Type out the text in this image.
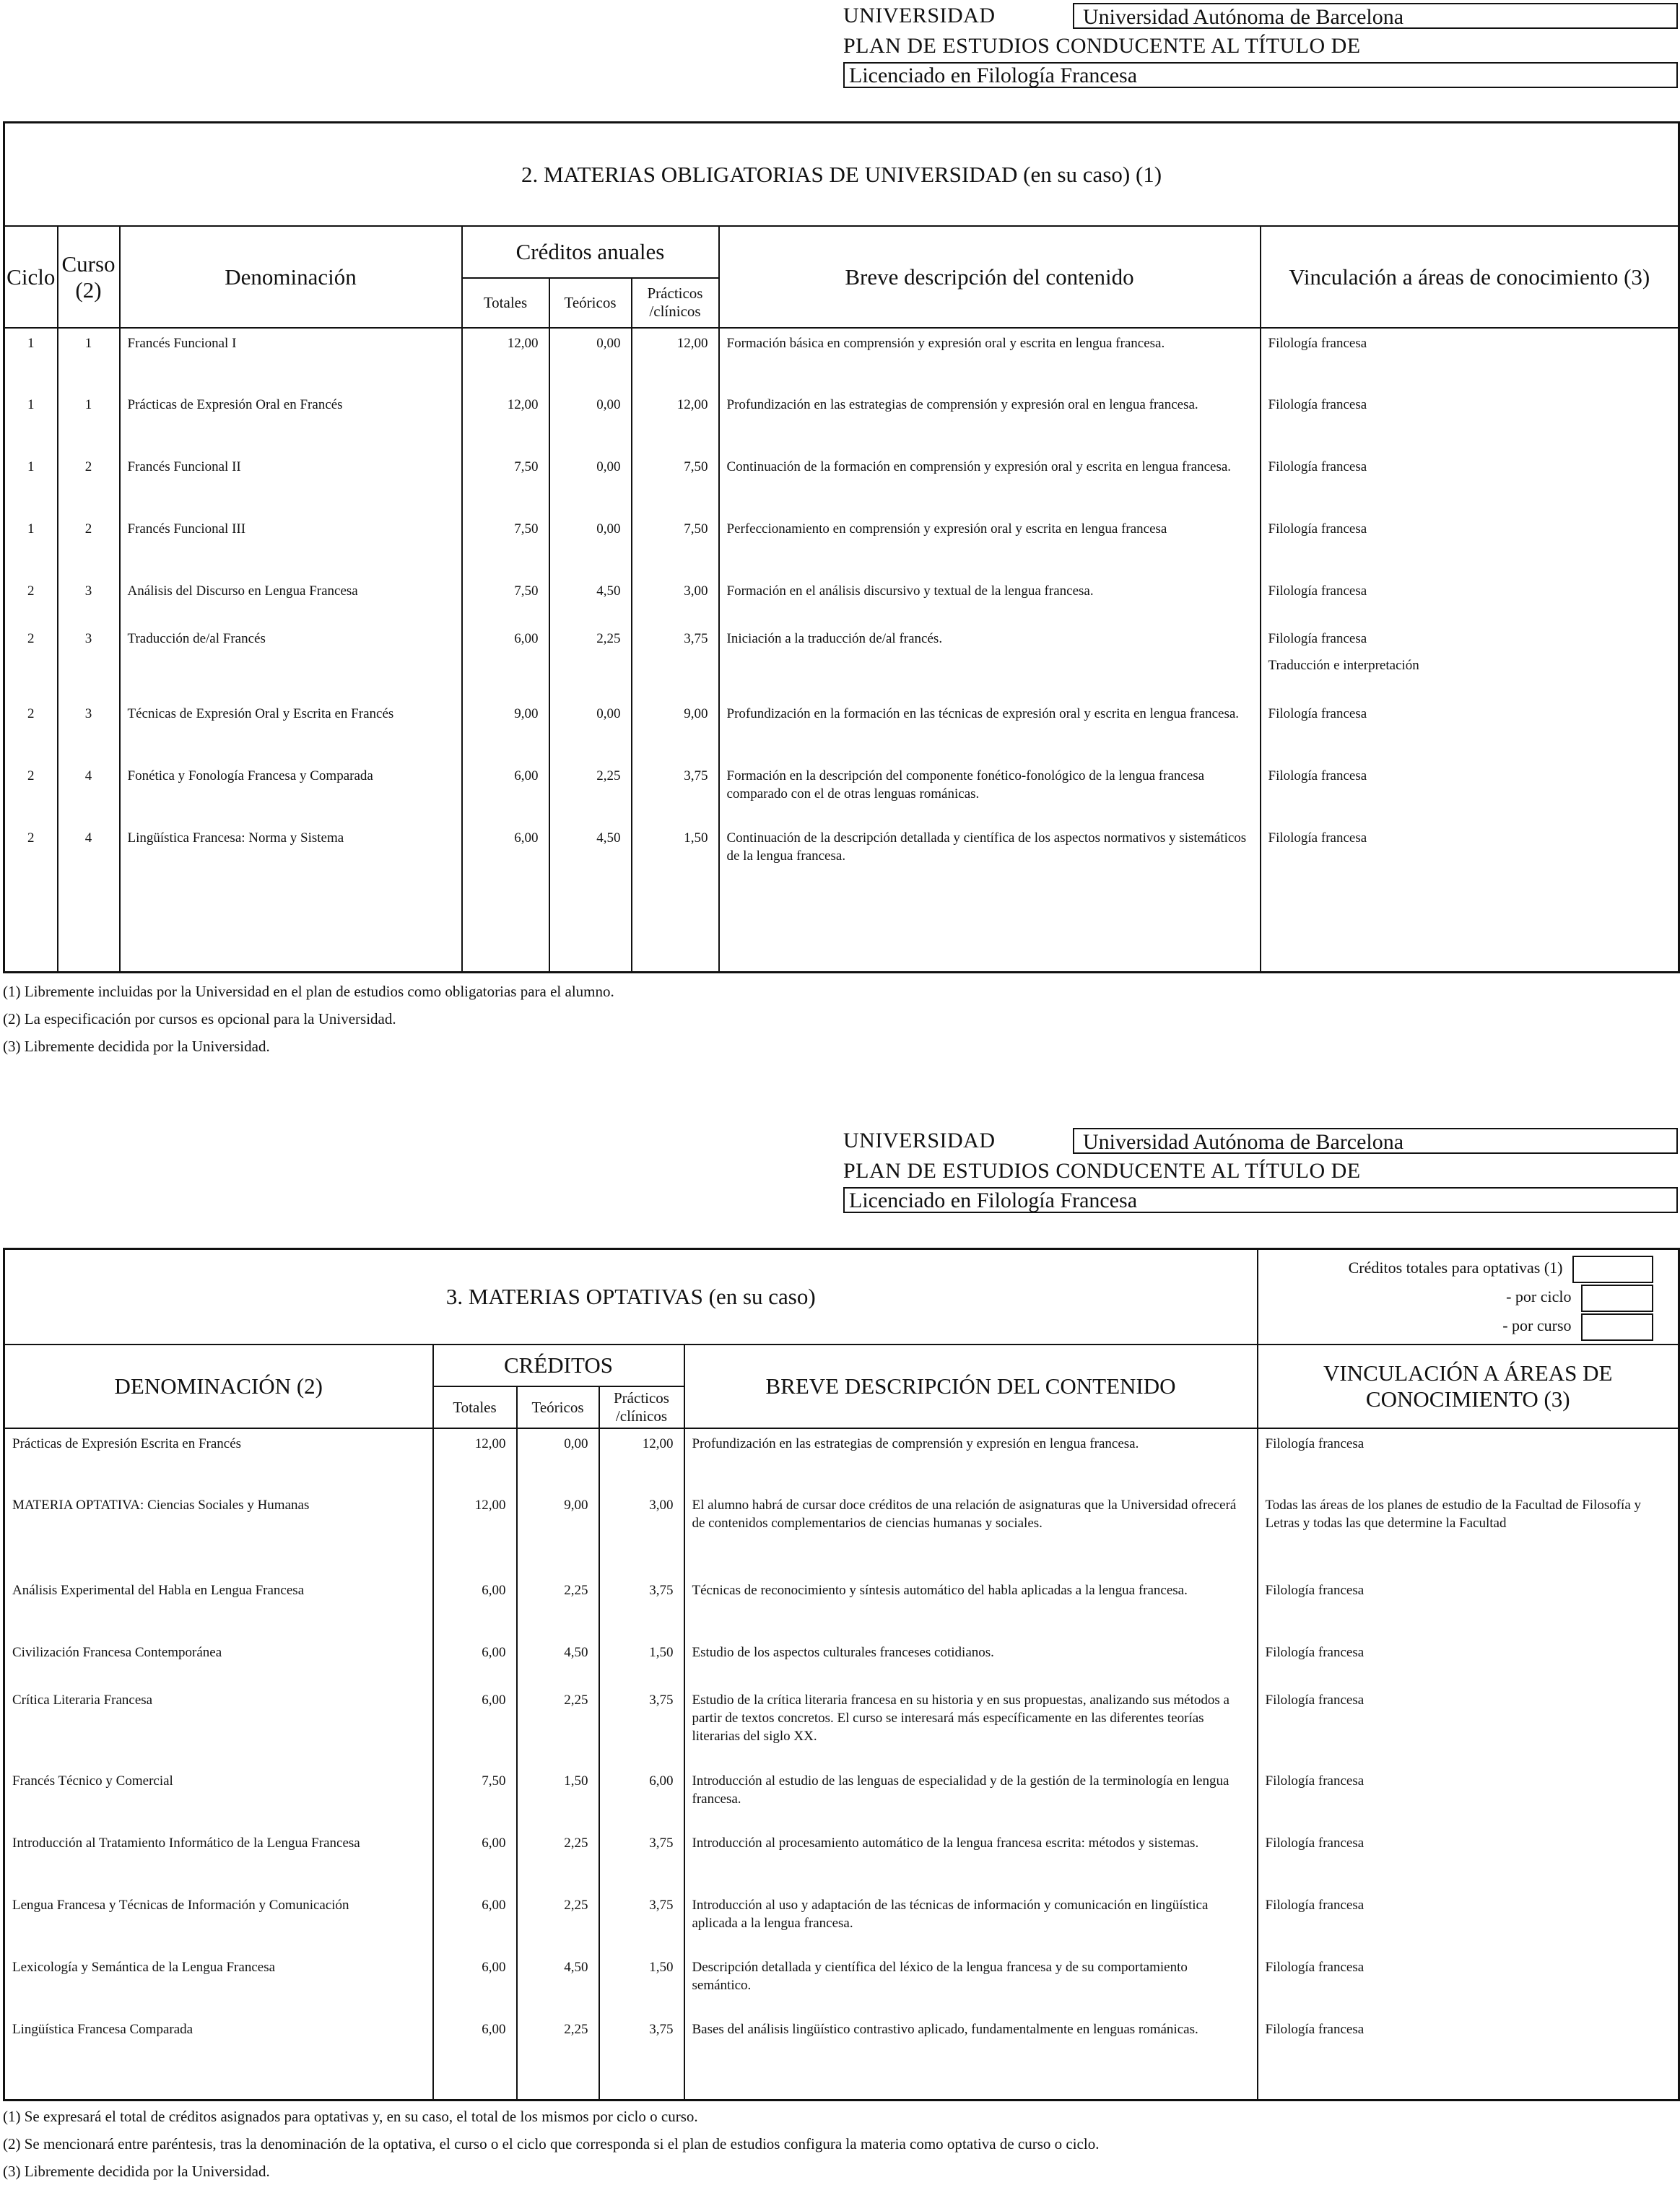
UNIVERSIDAD	Universidad Autónoma de Barcelona
PLAN DE ESTUDIOS CONDUCENTE AL TÍTULO DE
Licenciado en Filología Francesa
2. MATERIAS OBLIGATORIAS DE UNIVERSIDAD (en su caso) (1)							
Ciclo	Curso
(2)	Denominación	Créditos anuales			Breve descripción del contenido	Vinculación a áreas de conocimiento (3)
			Totales	Teóricos	Prácticos
/clínicos		

1	1	Francés Funcional I	12,00	0,00	12,00	Formación básica en comprensión y expresión oral y escrita en lengua francesa.	Filología francesa

1	1	Prácticas de Expresión Oral en Francés	12,00	0,00	12,00	Profundización en las estrategias de comprensión y expresión oral en lengua francesa.	Filología francesa

1	2	Francés Funcional II	7,50	0,00	7,50	Continuación de la formación en comprensión y expresión oral y escrita en lengua francesa.	Filología francesa

1	2	Francés Funcional III	7,50	0,00	7,50	Perfeccionamiento en comprensión y expresión oral y escrita en lengua francesa	Filología francesa

2	3	Análisis del Discurso en Lengua Francesa	7,50	4,50	3,00	Formación en el análisis discursivo y textual de la lengua francesa.	Filología francesa

2	3	Traducción de/al Francés	6,00	2,25	3,75	Iniciación a la traducción de/al francés.	Filología francesa
Traducción e interpretación

2	3	Técnicas de Expresión Oral y Escrita en Francés	9,00	0,00	9,00	Profundización en la formación en las técnicas de expresión oral y escrita en lengua francesa.	Filología francesa

2	4	Fonética y Fonología Francesa y Comparada	6,00	2,25	3,75	Formación en la descripción del componente fonético-fonológico de la lengua francesa comparado con el de otras lenguas románicas.	Filología francesa

2	4	Lingüística Francesa: Norma y Sistema	6,00	4,50	1,50	Continuación de la descripción detallada y científica de los aspectos normativos y sistemáticos de la lengua francesa.	Filología francesa

(1) Libremente incluidas por la Universidad en el plan de estudios como obligatorias para el alumno.
(2) La especificación por cursos es opcional para la Universidad.
(3) Libremente decidida por la Universidad.
UNIVERSIDAD	Universidad Autónoma de Barcelona
PLAN DE ESTUDIOS CONDUCENTE AL TÍTULO DE
Licenciado en Filología Francesa
3. MATERIAS OPTATIVAS (en su caso)					Créditos totales para optativas (1)
- por ciclo
- por curso

DENOMINACIÓN (2)	CRÉDITOS			BREVE DESCRIPCIÓN DEL CONTENIDO	VINCULACIÓN A ÁREAS DE
CONOCIMIENTO (3)

	Totales	Teóricos	Prácticos
/clínicos		

Prácticas de Expresión Escrita en Francés	12,00	0,00	12,00	Profundización en las estrategias de comprensión y expresión en lengua francesa.	Filología francesa
MATERIA OPTATIVA: Ciencias Sociales y Humanas	12,00	9,00	3,00	El alumno habrá de cursar doce créditos de una relación de asignaturas que la Universidad ofrecerá de contenidos complementarios de ciencias humanas y sociales.	Todas las áreas de los planes de estudio de la Facultad de Filosofía y Letras y todas las que determine la Facultad
Análisis Experimental del Habla en Lengua Francesa	6,00	2,25	3,75	Técnicas de reconocimiento y síntesis automático del habla aplicadas a la lengua francesa.	Filología francesa
Civilización Francesa Contemporánea	6,00	4,50	1,50	Estudio de los aspectos culturales franceses cotidianos.	Filología francesa
Crítica Literaria Francesa	6,00	2,25	3,75	Estudio de la crítica literaria francesa en su historia y en sus propuestas, analizando sus métodos a partir de textos concretos. El curso se interesará más específicamente en las diferentes teorías literarias del siglo XX.	Filología francesa
Francés Técnico y Comercial	7,50	1,50	6,00	Introducción al estudio de las lenguas de especialidad y de la gestión de la terminología en lengua francesa.	Filología francesa
Introducción al Tratamiento Informático de la Lengua Francesa	6,00	2,25	3,75	Introducción al procesamiento automático de la lengua francesa escrita: métodos y sistemas.	Filología francesa
Lengua Francesa y Técnicas de Información y Comunicación	6,00	2,25	3,75	Introducción al uso y adaptación de las técnicas de información y comunicación en lingüística aplicada a la lengua francesa.	Filología francesa
Lexicología y Semántica de la Lengua Francesa	6,00	4,50	1,50	Descripción detallada y científica del léxico de la lengua francesa y de su comportamiento semántico.	Filología francesa
Lingüística Francesa Comparada	6,00	2,25	3,75	Bases del análisis lingüístico contrastivo aplicado, fundamentalmente en lenguas románicas.	Filología francesa

(1) Se expresará el total de créditos asignados para optativas y, en su caso, el total de los mismos por ciclo o curso.
(2) Se mencionará entre paréntesis, tras la denominación de la optativa, el curso o el ciclo que corresponda si el plan de estudios configura la materia como optativa de curso o ciclo.
(3) Libremente decidida por la Universidad.
